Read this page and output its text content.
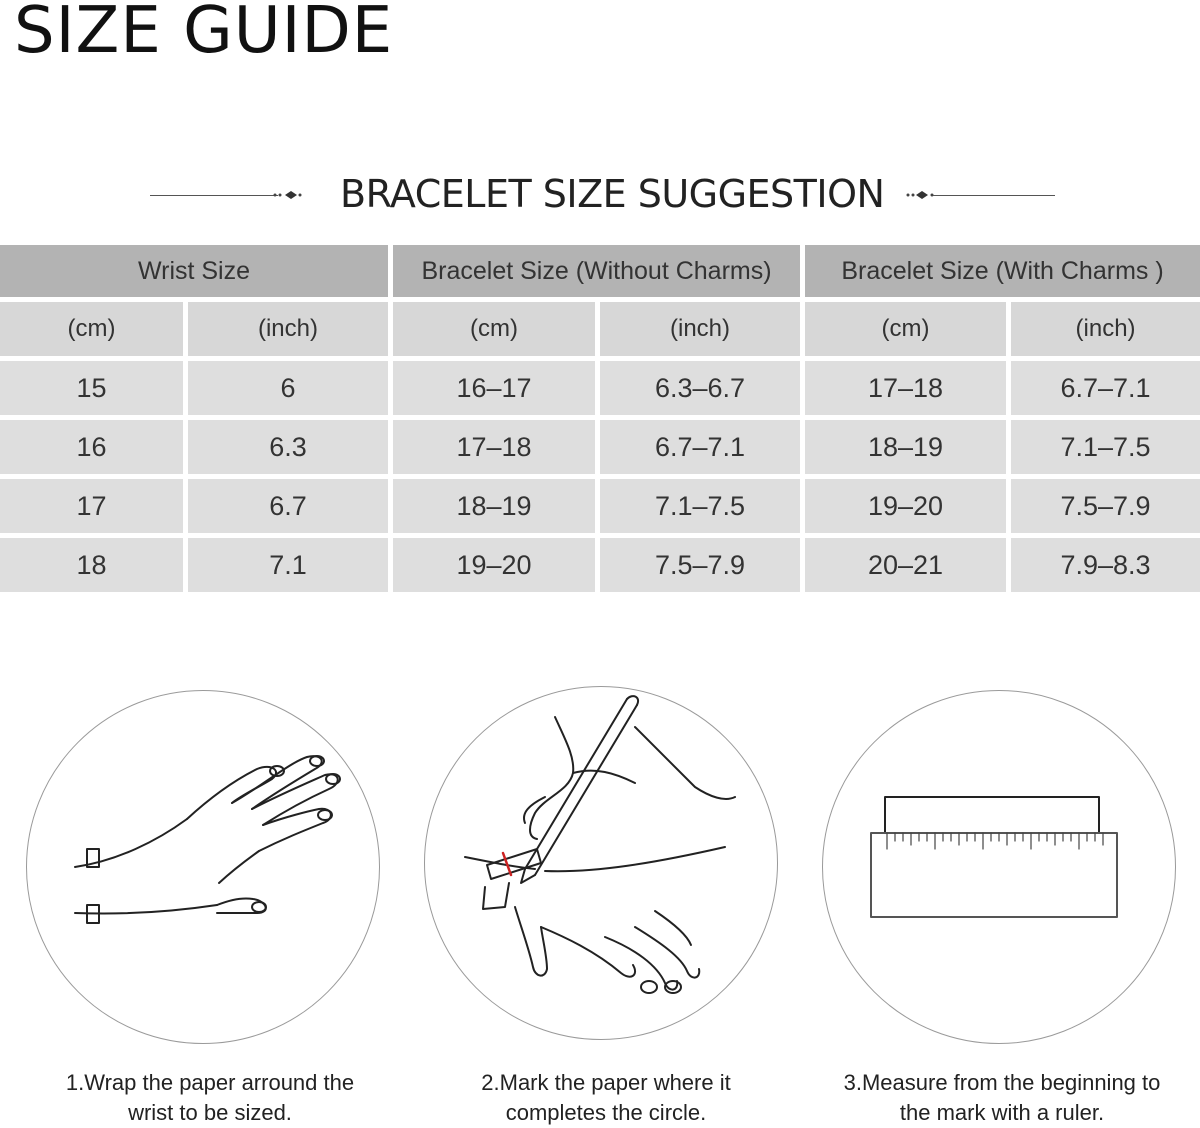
SIZE GUIDE
BRACELET SIZE SUGGESTION
Wrist Size		Bracelet Size (Without Charms)		Bracelet Size (With Charms )	
(cm)	(inch)	(cm)	(inch)	(cm)	(inch)
15	6	16–17	6.3–6.7	17–18	6.7–7.1
16	6.3	17–18	6.7–7.1	18–19	7.1–7.5
17	6.7	18–19	7.1–7.5	19–20	7.5–7.9
18	7.1	19–20	7.5–7.9	20–21	7.9–8.3
1.Wrap the paper arround the
wrist to be sized.
2.Mark the paper where it
completes the circle.
3.Measure from the beginning to
the mark with a ruler.
